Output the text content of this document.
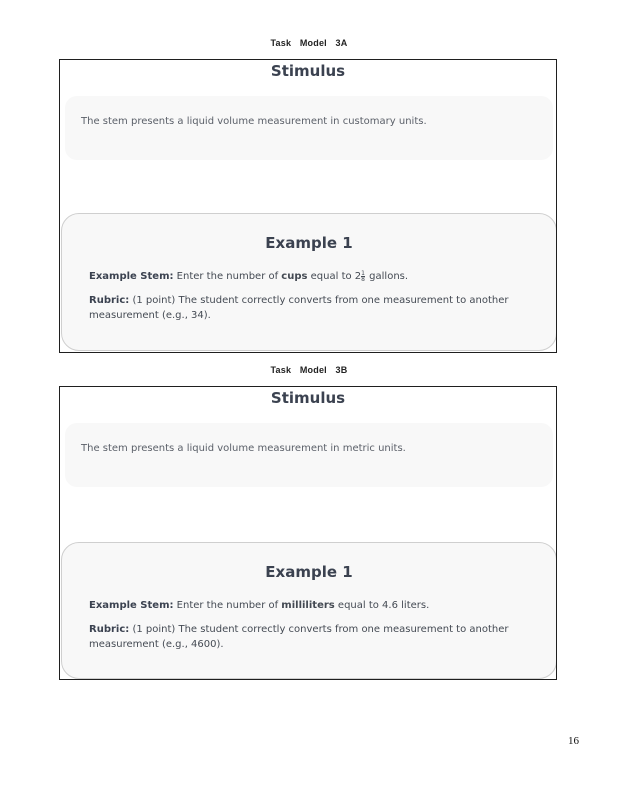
Task Model 3A
Stimulus
The stem presents a liquid volume measurement in customary units.
Example 1
Example Stem: Enter the number of cups equal to $2 \frac{1}{8}$ gallons.
Rubric: (1 point) The student correctly converts from one measurement to another measurement (e.g., 34).
Task Model 3B
Stimulus
The stem presents a liquid volume measurement in metric units.
Example 1
Example Stem: Enter the number of milliliters equal to 4.6 liters.
Rubric: (1 point) The student correctly converts from one measurement to another measurement (e.g., 4600).
16
